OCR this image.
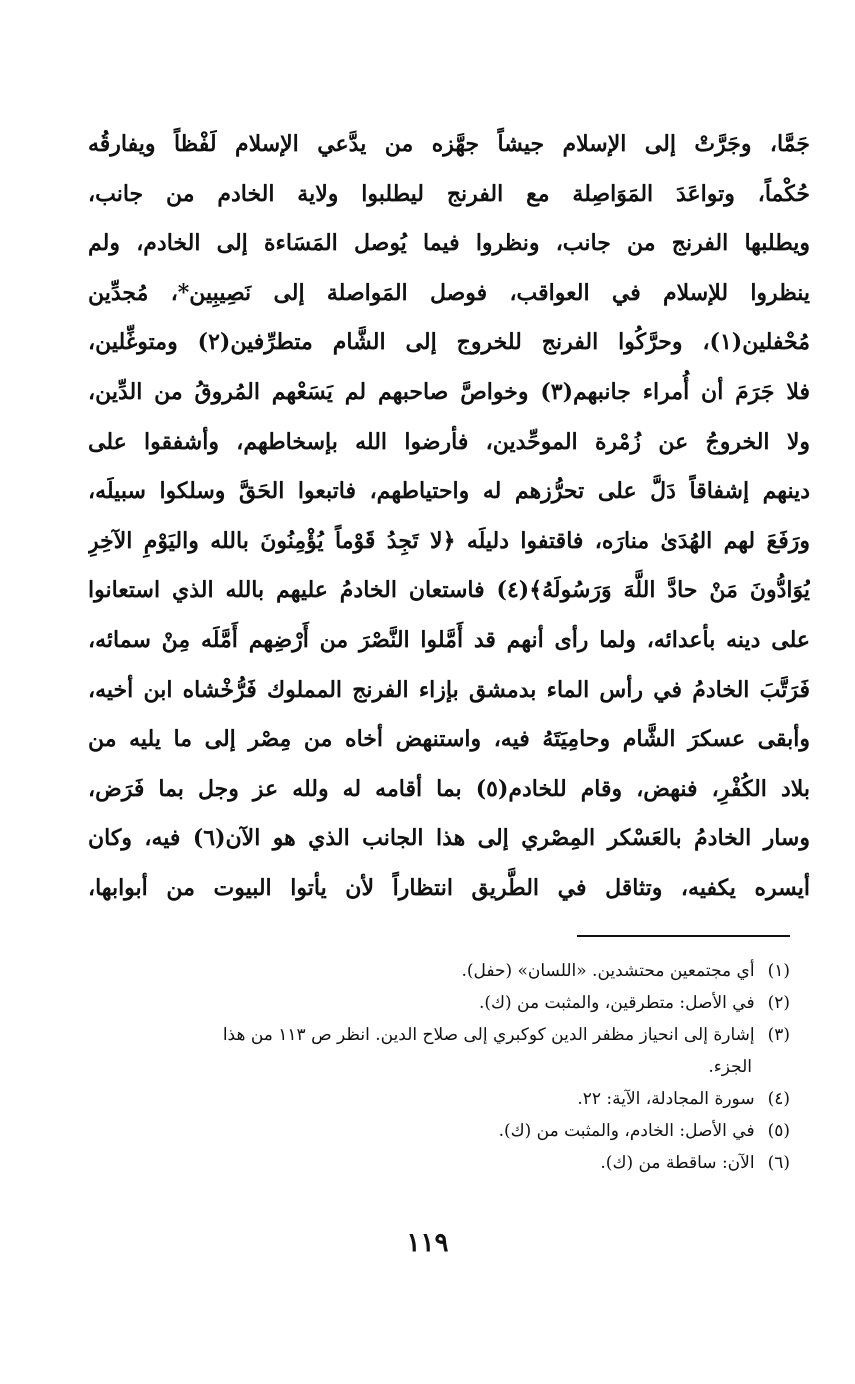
جَمَّا، وجَرَّتْ إلى الإسلام جيشاً جهَّزه من يدَّعي الإسلام لَفْظاً ويفارقُه
حُكْماً، وتواعَدَ المَوَاصِلة مع الفرنج ليطلبوا ولاية الخادم من جانب،
ويطلبها الفرنج من جانب، ونظروا فيما يُوصل المَسَاءة إلى الخادم، ولم
ينظروا للإسلام في العواقب، فوصل المَواصلة إلى نَصِيبِين*، مُجدِّين
مُحْفلين(١)، وحرَّكُوا الفرنج للخروج إلى الشَّام متطرِّفين(٢) ومتوغِّلين،
فلا جَرَمَ أن أُمراء جانبهم(٣) وخواصَّ صاحبهم لم يَسَعْهم المُروقُ من الدِّين،
ولا الخروجُ عن زُمْرة الموحِّدين، فأرضوا الله بإسخاطهم، وأشفقوا على
دينهم إشفاقاً دَلَّ على تحرُّزهم له واحتياطهم، فاتبعوا الحَقَّ وسلكوا سبيلَه،
ورَفَعَ لهم الهُدَىٰ منارَه، فاقتفوا دليلَه ﴿لا تَجِدُ قَوْماً يُؤْمِنُونَ بالله واليَوْمِ الآخِرِ
يُوَادُّونَ مَنْ حادَّ اللَّهَ وَرَسُولَهُ﴾(٤) فاستعان الخادمُ عليهم بالله الذي استعانوا
على دينه بأعدائه، ولما رأى أنهم قد أَمَّلوا النَّصْرَ من أَرْضِهم أَمَّلَه مِنْ سمائه،
فَرَتَّبَ الخادمُ في رأس الماء بدمشق بإزاء الفرنج المملوك فَرُّخْشاه ابن أخيه،
وأبقى عسكرَ الشَّام وحامِيَتَهُ فيه، واستنهض أخاه من مِصْر إلى ما يليه من
بلاد الكُفْرِ، فنهض، وقام للخادم(٥) بما أقامه له ولله عز وجل بما فَرَض،
وسار الخادمُ بالعَسْكر المِصْري إلى هذا الجانب الذي هو الآن(٦) فيه، وكان
أيسره يكفيه، وتثاقل في الطَّريق انتظاراً لأن يأتوا البيوت من أبوابها،
(١) أي مجتمعين محتشدين. «اللسان» (حفل).
(٢) في الأصل: متطرقين، والمثبت من (ك).
(٣) إشارة إلى انحياز مظفر الدين كوكبري إلى صلاح الدين. انظر ص ١١٣ من هذا
الجزء.
(٤) سورة المجادلة، الآية: ٢٢.
(٥) في الأصل: الخادم، والمثبت من (ك).
(٦) الآن: ساقطة من (ك).
١١٩
